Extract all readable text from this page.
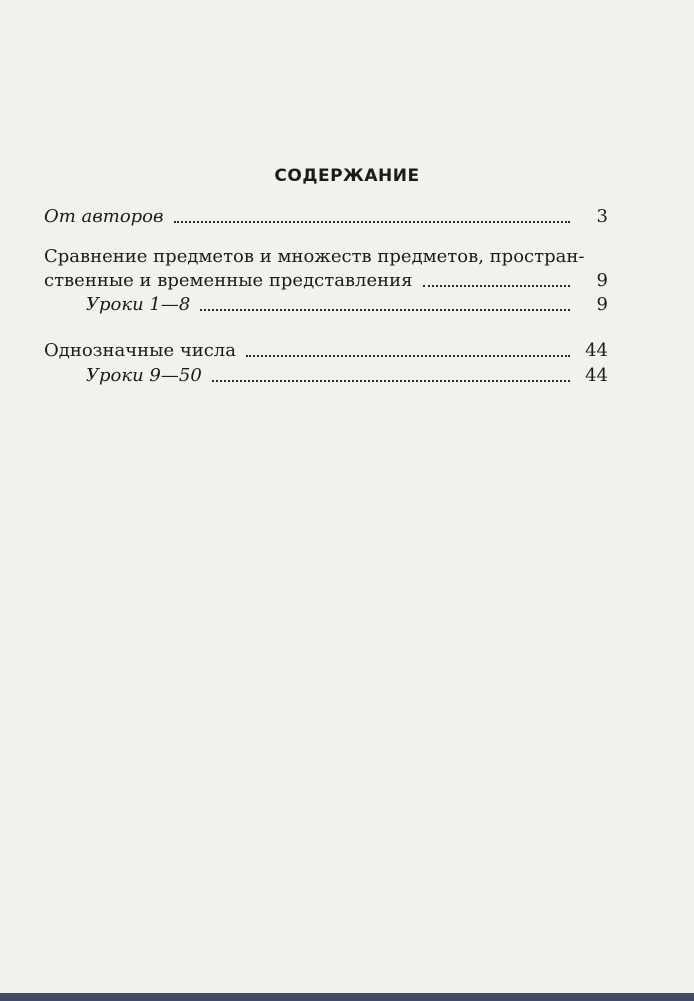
СОДЕРЖАНИЕ
От авторов	3
Сравнение предметов и множеств предметов, простран-
ственные и временные представления	9
Уроки 1—8	9
Однозначные числа	44
Уроки 9—50	44
